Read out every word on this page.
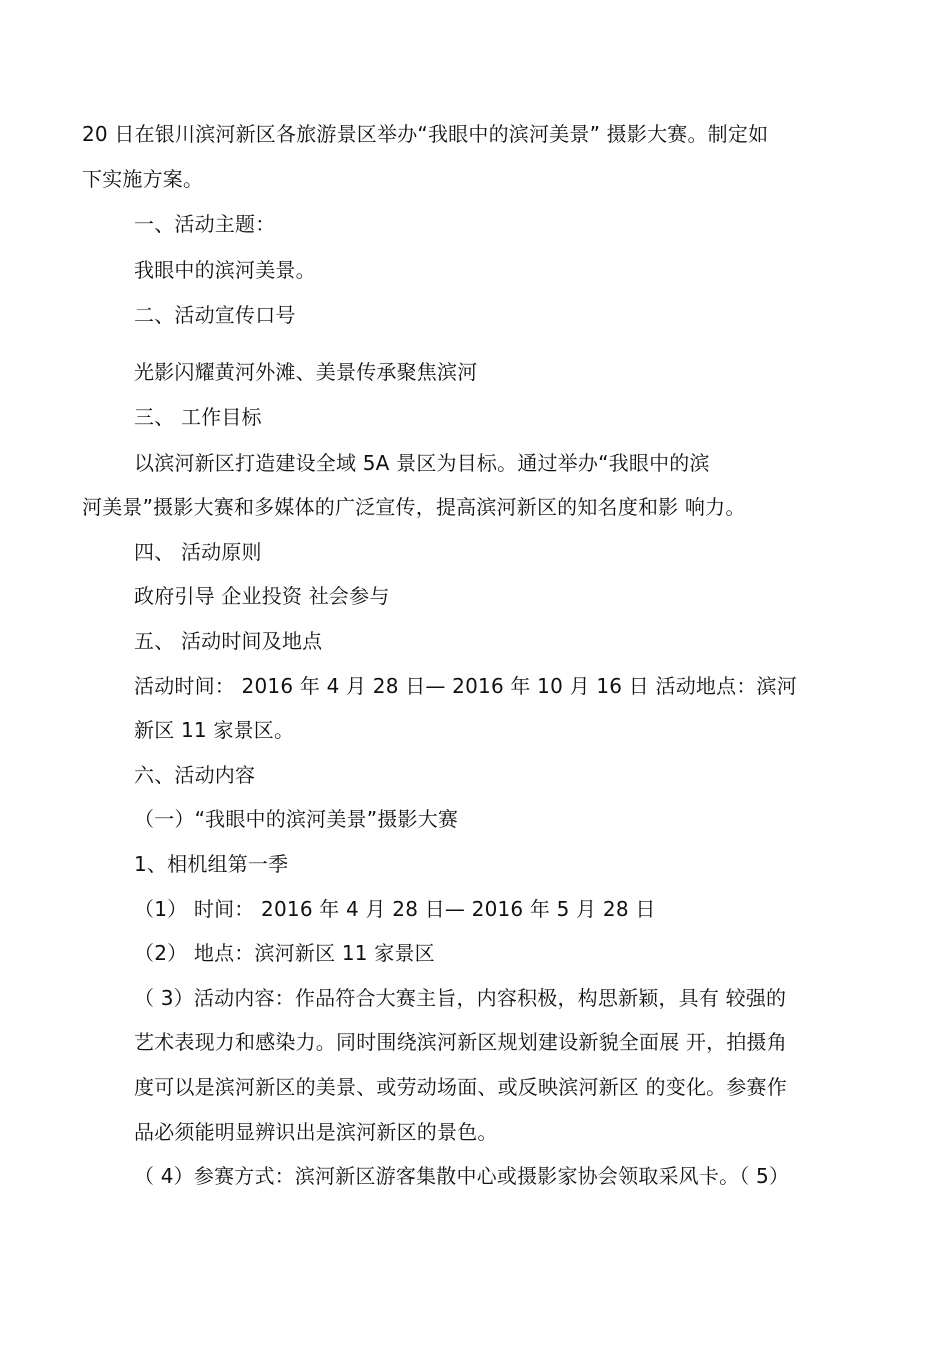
20 日在银川滨河新区各旅游景区举办“我眼中的滨河美景” 摄影大赛。制定如
下实施方案。
一、活动主题：
我眼中的滨河美景。
二、活动宣传口号
光影闪耀黄河外滩、美景传承聚焦滨河
三、 工作目标
以滨河新区打造建设全域 5A 景区为目标。通过举办“我眼中的滨
河美景”摄影大赛和多媒体的广泛宣传，提高滨河新区的知名度和影 响力。
四、 活动原则
政府引导 企业投资 社会参与
五、 活动时间及地点
活动时间： 2016 年 4 月 28 日— 2016 年 10 月 16 日 活动地点：滨河
新区 11 家景区。
六、活动内容
（一）“我眼中的滨河美景”摄影大赛
1、相机组第一季
（1） 时间： 2016 年 4 月 28 日— 2016 年 5 月 28 日
（2） 地点：滨河新区 11 家景区
（ 3）活动内容：作品符合大赛主旨，内容积极，构思新颖，具有 较强的
艺术表现力和感染力。同时围绕滨河新区规划建设新貌全面展 开，拍摄角
度可以是滨河新区的美景、或劳动场面、或反映滨河新区 的变化。参赛作
品必须能明显辨识出是滨河新区的景色。
（ 4）参赛方式：滨河新区游客集散中心或摄影家协会领取采风卡。（ 5）
